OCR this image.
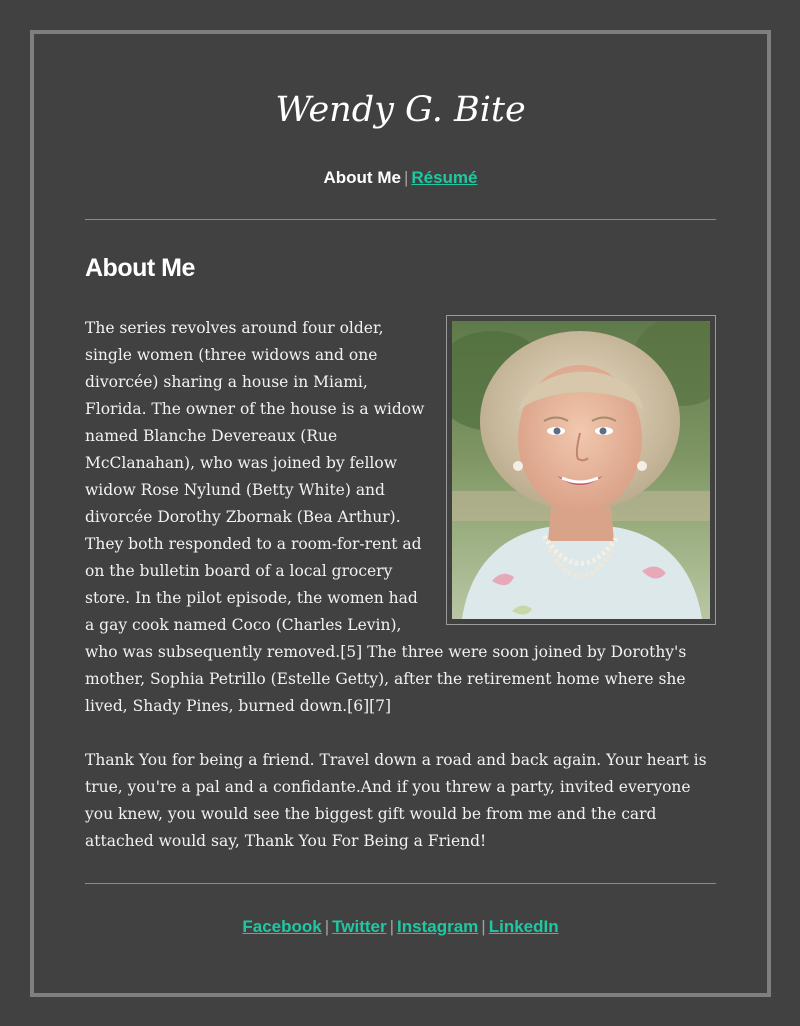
Wendy G. Bite
About Me | Résumé
About Me

The series revolves around four older, single women (three widows and one divorcée) sharing a house in Miami, Florida. The owner of the house is a widow named Blanche Devereaux (Rue McClanahan), who was joined by fellow widow Rose Nylund (Betty White) and divorcée Dorothy Zbornak (Bea Arthur). They both responded to a room-for-rent ad on the bulletin board of a local grocery store. In the pilot episode, the women had a gay cook named Coco (Charles Levin), who was subsequently removed.[5] The three were soon joined by Dorothy's mother, Sophia Petrillo (Estelle Getty), after the retirement home where she lived, Shady Pines, burned down.[6][7]

Thank You for being a friend. Travel down a road and back again. Your heart is true, you're a pal and a confidante.And if you threw a party, invited everyone you knew, you would see the biggest gift would be from me and the card attached would say, Thank You For Being a Friend!

Facebook | Twitter | Instagram | LinkedIn
